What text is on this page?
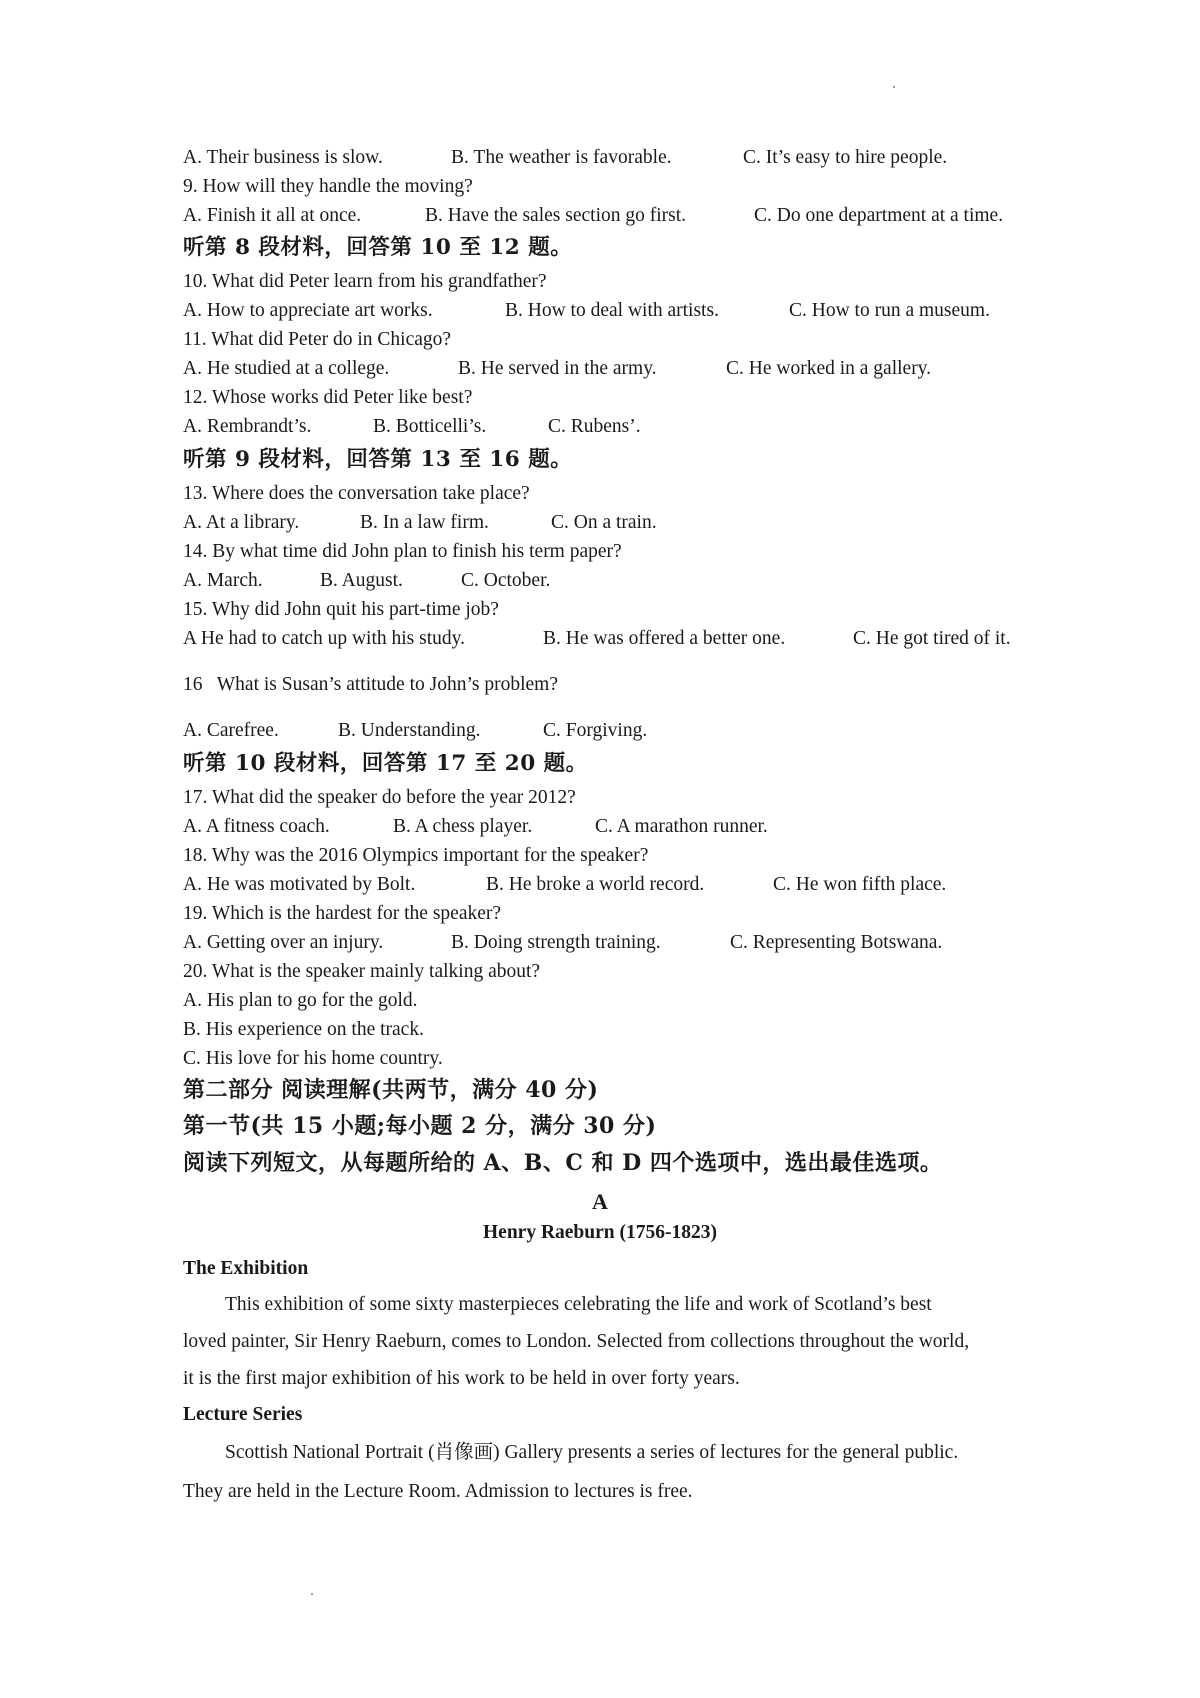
A. Their business is slow.	B. The weather is favorable.	C. It’s easy to hire people.
9. How will they handle the moving?
A. Finish it all at once.	B. Have the sales section go first.	C. Do one department at a time.
听第 8 段材料，回答第 10 至 12 题。
10. What did Peter learn from his grandfather?
A. How to appreciate art works.	B. How to deal with artists.	C. How to run a museum.
11. What did Peter do in Chicago?
A. He studied at a college.	B. He served in the army.	C. He worked in a gallery.
12. Whose works did Peter like best?
A. Rembrandt’s.	B. Botticelli’s.	C. Rubens’.
听第 9 段材料，回答第 13 至 16 题。
13. Where does the conversation take place?
A. At a library.	B. In a law firm.	C. On a train.
14. By what time did John plan to finish his term paper?
A. March.	B. August.	C. October.
15. Why did John quit his part-time job?
A He had to catch up with his study.	B. He was offered a better one.	C. He got tired of it.
16   What is Susan’s attitude to John’s problem?
A. Carefree.	B. Understanding.	C. Forgiving.
听第 10 段材料，回答第 17 至 20 题。
17. What did the speaker do before the year 2012?
A. A fitness coach.	B. A chess player.	C. A marathon runner.
18. Why was the 2016 Olympics important for the speaker?
A. He was motivated by Bolt.	B. He broke a world record.	C. He won fifth place.
19. Which is the hardest for the speaker?
A. Getting over an injury.	B. Doing strength training.	C. Representing Botswana.
20. What is the speaker mainly talking about?
A. His plan to go for the gold.
B. His experience on the track.
C. His love for his home country.
第二部分 阅读理解(共两节，满分 40 分)
第一节(共 15 小题;每小题 2 分，满分 30 分)
阅读下列短文，从每题所给的 A、B、C 和 D 四个选项中，选出最佳选项。
A
Henry Raeburn (1756-1823)
The Exhibition
This exhibition of some sixty masterpieces celebrating the life and work of Scotland’s best
loved painter, Sir Henry Raeburn, comes to London. Selected from collections throughout the world,
it is the first major exhibition of his work to be held in over forty years.
Lecture Series
Scottish National Portrait (肖像画) Gallery presents a series of lectures for the general public.
They are held in the Lecture Room. Admission to lectures is free.
